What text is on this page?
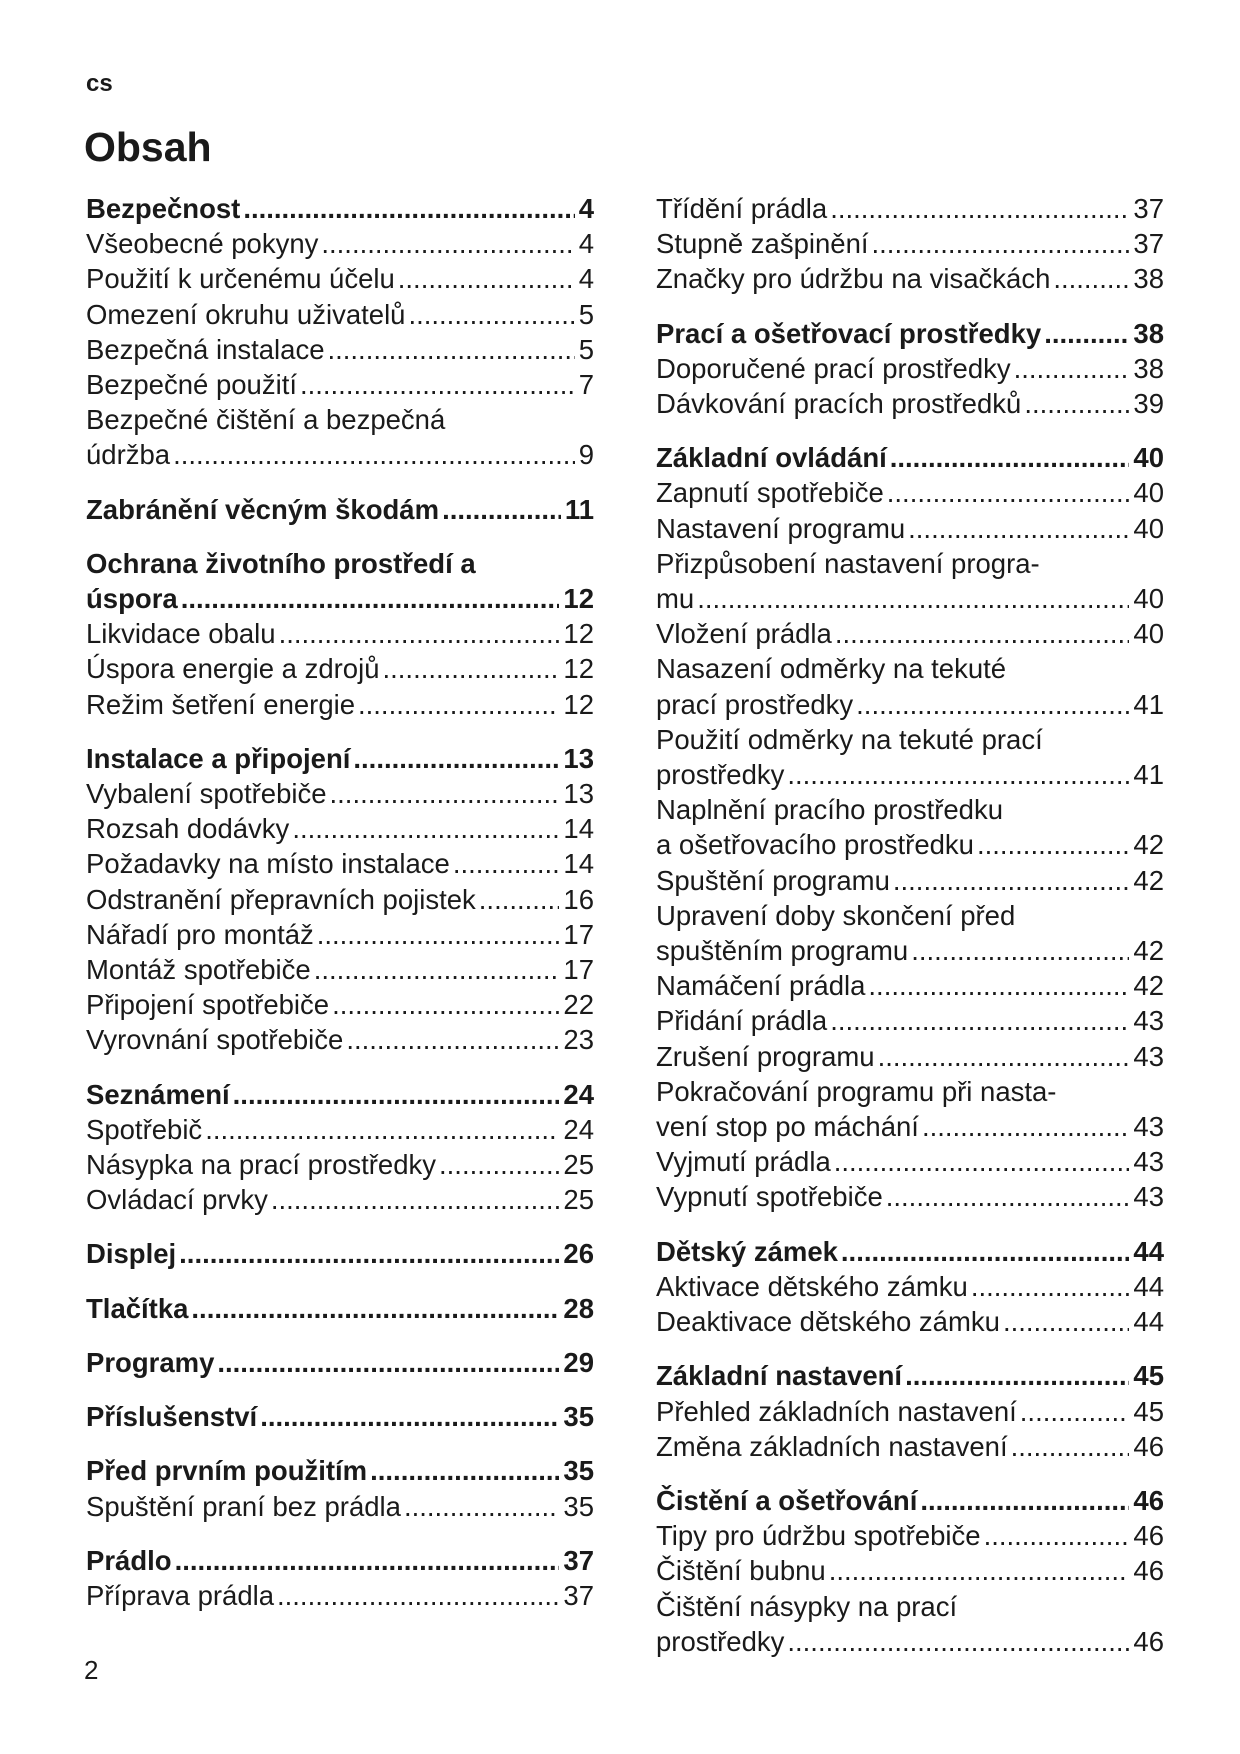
cs
Obsah
Bezpečnost .....	4
Všeobecné pokyny .....	4
Použití k určenému účelu .....	4
Omezení okruhu uživatelů .....	5
Bezpečná instalace .....	5
Bezpečné použití .....	7
Bezpečné čištění a bezpečná
údržba .....	9
Zabránění věcným škodám .....	11
Ochrana životního prostředí a
úspora .....	12
Likvidace obalu .....	12
Úspora energie a zdrojů .....	12
Režim šetření energie .....	12
Instalace a připojení .....	13
Vybalení spotřebiče .....	13
Rozsah dodávky .....	14
Požadavky na místo instalace .....	14
Odstranění přepravních pojistek .....	16
Nářadí pro montáž .....	17
Montáž spotřebiče .....	17
Připojení spotřebiče .....	22
Vyrovnání spotřebiče .....	23
Seznámení .....	24
Spotřebič .....	24
Násypka na prací prostředky .....	25
Ovládací prvky .....	25
Displej .....	26
Tlačítka .....	28
Programy .....	29
Příslušenství .....	35
Před prvním použitím .....	35
Spuštění praní bez prádla .....	35
Prádlo .....	37
Příprava prádla .....	37
Třídění prádla .....	37
Stupně zašpinění .....	37
Značky pro údržbu na visačkách .....	38
Prací a ošetřovací prostředky .....	38
Doporučené prací prostředky .....	38
Dávkování pracích prostředků .....	39
Základní ovládání .....	40
Zapnutí spotřebiče .....	40
Nastavení programu .....	40
Přizpůsobení nastavení progra-
mu .....	40
Vložení prádla .....	40
Nasazení odměrky na tekuté
prací prostředky .....	41
Použití odměrky na tekuté prací
prostředky .....	41
Naplnění pracího prostředku
a ošetřovacího prostředku .....	42
Spuštění programu .....	42
Upravení doby skončení před
spuštěním programu .....	42
Namáčení prádla .....	42
Přidání prádla .....	43
Zrušení programu .....	43
Pokračování programu při nasta-
vení stop po máchání .....	43
Vyjmutí prádla .....	43
Vypnutí spotřebiče .....	43
Dětský zámek .....	44
Aktivace dětského zámku .....	44
Deaktivace dětského zámku .....	44
Základní nastavení .....	45
Přehled základních nastavení .....	45
Změna základních nastavení .....	46
Čistění a ošetřování .....	46
Tipy pro údržbu spotřebiče .....	46
Čištění bubnu .....	46
Čištění násypky na prací
prostředky .....	46
2
